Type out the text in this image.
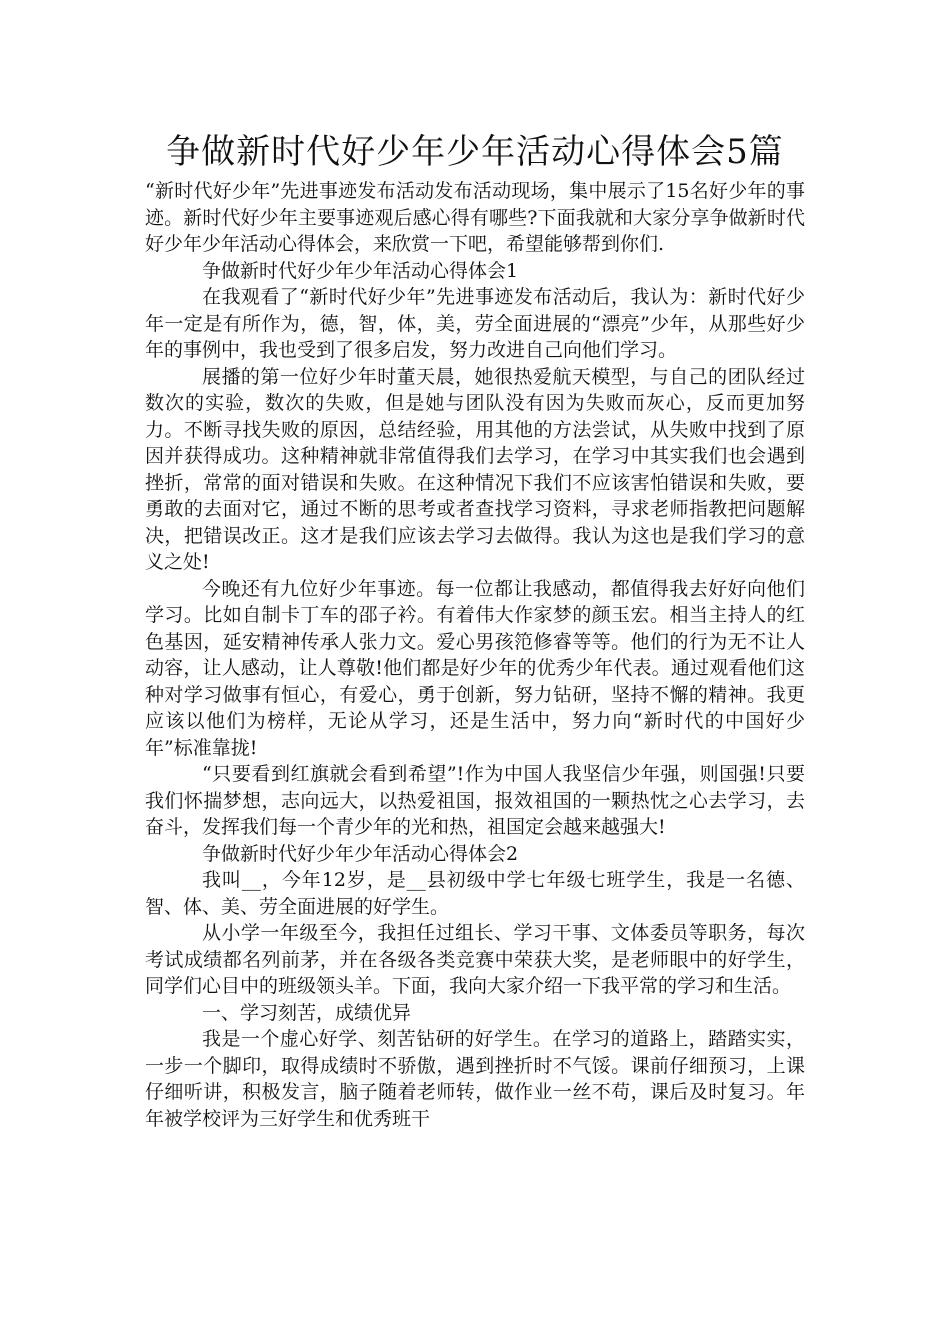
争做新时代好少年少年活动心得体会5篇

“新时代好少年”先进事迹发布活动发布活动现场，集中展示了15名好少年的事迹。新时代好少年主要事迹观后感心得有哪些?下面我就和大家分享争做新时代好少年少年活动心得体会，来欣赏一下吧，希望能够帮到你们.

争做新时代好少年少年活动心得体会1

在我观看了“新时代好少年”先进事迹发布活动后，我认为：新时代好少年一定是有所作为，德，智，体，美，劳全面进展的“漂亮”少年，从那些好少年的事例中，我也受到了很多启发，努力改进自己向他们学习。

展播的第一位好少年时董天晨，她很热爱航天模型，与自己的团队经过数次的实验，数次的失败，但是她与团队没有因为失败而灰心，反而更加努力。不断寻找失败的原因，总结经验，用其他的方法尝试，从失败中找到了原因并获得成功。这种精神就非常值得我们去学习，在学习中其实我们也会遇到挫折，常常的面对错误和失败。在这种情况下我们不应该害怕错误和失败，要勇敢的去面对它，通过不断的思考或者查找学习资料，寻求老师指教把问题解决，把错误改正。这才是我们应该去学习去做得。我认为这也是我们学习的意义之处!

今晚还有九位好少年事迹。每一位都让我感动，都值得我去好好向他们学习。比如自制卡丁车的邵子衿。有着伟大作家梦的颜玉宏。相当主持人的红色基因，延安精神传承人张力文。爱心男孩笵修睿等等。他们的行为无不让人动容，让人感动，让人尊敬!他们都是好少年的优秀少年代表。通过观看他们这种对学习做事有恒心，有爱心，勇于创新，努力钻研，坚持不懈的精神。我更应该以他们为榜样，无论从学习，还是生活中，努力向“新时代的中国好少年”标准靠拢!

“只要看到红旗就会看到希望”!作为中国人我坚信少年强，则国强!只要我们怀揣梦想，志向远大，以热爱祖国，报效祖国的一颗热忱之心去学习，去奋斗，发挥我们每一个青少年的光和热，祖国定会越来越强大!

争做新时代好少年少年活动心得体会2

我叫__，今年12岁，是__县初级中学七年级七班学生，我是一名德、智、体、美、劳全面进展的好学生。

从小学一年级至今，我担任过组长、学习干事、文体委员等职务，每次考试成绩都名列前茅，并在各级各类竞赛中荣获大奖，是老师眼中的好学生，同学们心目中的班级领头羊。下面，我向大家介绍一下我平常的学习和生活。

一、学习刻苦，成绩优异

我是一个虚心好学、刻苦钻研的好学生。在学习的道路上，踏踏实实，一步一个脚印，取得成绩时不骄傲，遇到挫折时不气馁。课前仔细预习，上课仔细听讲，积极发言，脑子随着老师转，做作业一丝不苟，课后及时复习。年年被学校评为三好学生和优秀班干
